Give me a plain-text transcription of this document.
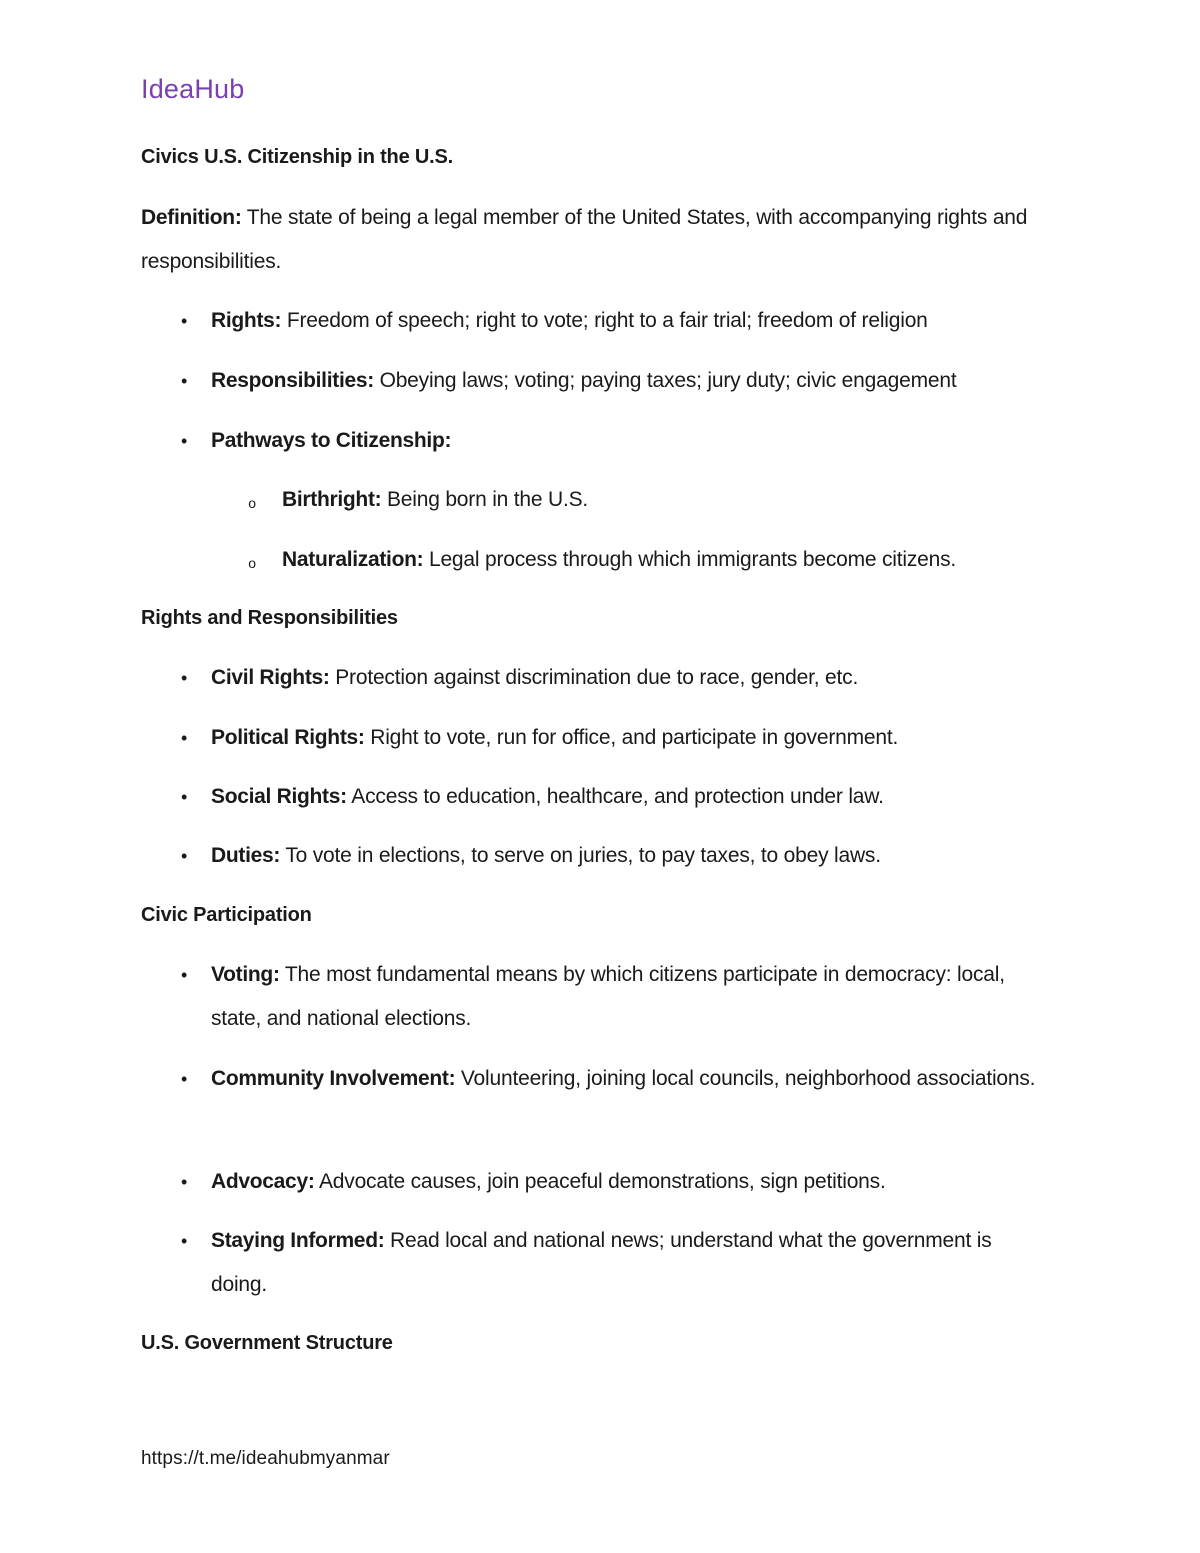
IdeaHub
Civics U.S. Citizenship in the U.S.
Definition: The state of being a legal member of the United States, with accompanying rights and responsibilities.
• Rights: Freedom of speech; right to vote; right to a fair trial; freedom of religion
• Responsibilities: Obeying laws; voting; paying taxes; jury duty; civic engagement
• Pathways to Citizenship:
o Birthright: Being born in the U.S.
o Naturalization: Legal process through which immigrants become citizens.
Rights and Responsibilities
• Civil Rights: Protection against discrimination due to race, gender, etc.
• Political Rights: Right to vote, run for office, and participate in government.
• Social Rights: Access to education, healthcare, and protection under law.
• Duties: To vote in elections, to serve on juries, to pay taxes, to obey laws.
Civic Participation
• Voting: The most fundamental means by which citizens participate in democracy: local, state, and national elections.
• Community Involvement: Volunteering, joining local councils, neighborhood associations.
• Advocacy: Advocate causes, join peaceful demonstrations, sign petitions.
• Staying Informed: Read local and national news; understand what the government is doing.
U.S. Government Structure
https://t.me/ideahubmyanmar
